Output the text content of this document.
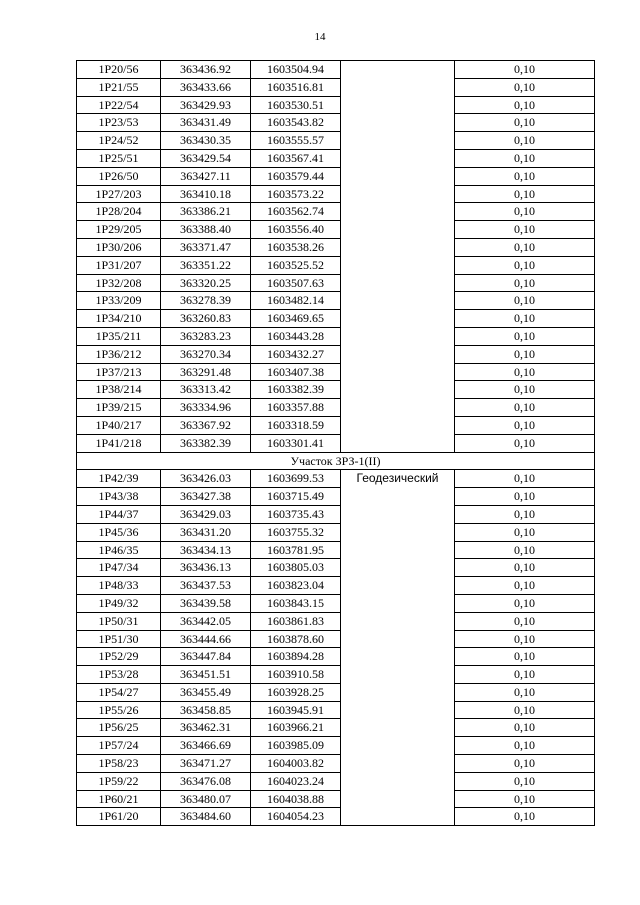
14
1Р20/56	363436.92	1603504.94		0,10
1Р21/55	363433.66	1603516.81		0,10
1Р22/54	363429.93	1603530.51		0,10
1Р23/53	363431.49	1603543.82		0,10
1Р24/52	363430.35	1603555.57		0,10
1Р25/51	363429.54	1603567.41		0,10
1Р26/50	363427.11	1603579.44		0,10
1Р27/203	363410.18	1603573.22		0,10
1Р28/204	363386.21	1603562.74		0,10
1Р29/205	363388.40	1603556.40		0,10
1Р30/206	363371.47	1603538.26		0,10
1Р31/207	363351.22	1603525.52		0,10
1Р32/208	363320.25	1603507.63		0,10
1Р33/209	363278.39	1603482.14		0,10
1Р34/210	363260.83	1603469.65		0,10
1Р35/211	363283.23	1603443.28		0,10
1Р36/212	363270.34	1603432.27		0,10
1Р37/213	363291.48	1603407.38		0,10
1Р38/214	363313.42	1603382.39		0,10
1Р39/215	363334.96	1603357.88		0,10
1Р40/217	363367.92	1603318.59		0,10
1Р41/218	363382.39	1603301.41		0,10
Участок ЗРЗ-1(II)				
1Р42/39	363426.03	1603699.53	Геодезический	0,10
1Р43/38	363427.38	1603715.49		0,10
1Р44/37	363429.03	1603735.43		0,10
1Р45/36	363431.20	1603755.32		0,10
1Р46/35	363434.13	1603781.95		0,10
1Р47/34	363436.13	1603805.03		0,10
1Р48/33	363437.53	1603823.04		0,10
1Р49/32	363439.58	1603843.15		0,10
1Р50/31	363442.05	1603861.83		0,10
1Р51/30	363444.66	1603878.60		0,10
1Р52/29	363447.84	1603894.28		0,10
1Р53/28	363451.51	1603910.58		0,10
1Р54/27	363455.49	1603928.25		0,10
1Р55/26	363458.85	1603945.91		0,10
1Р56/25	363462.31	1603966.21		0,10
1Р57/24	363466.69	1603985.09		0,10
1Р58/23	363471.27	1604003.82		0,10
1Р59/22	363476.08	1604023.24		0,10
1Р60/21	363480.07	1604038.88		0,10
1Р61/20	363484.60	1604054.23		0,10
